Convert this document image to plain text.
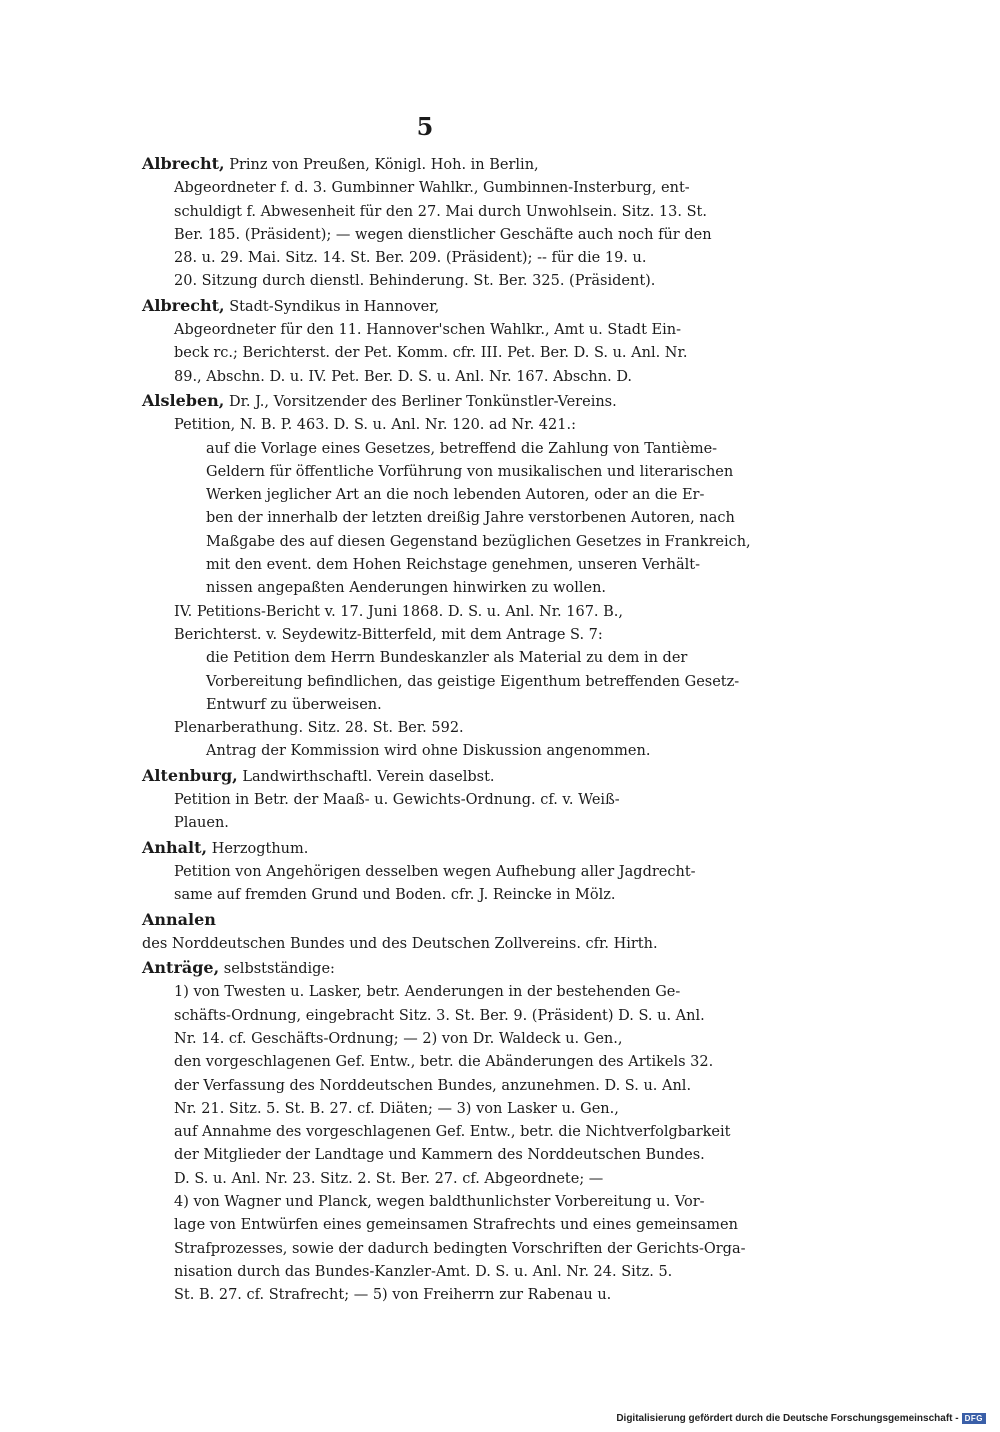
5
Albrecht, Prinz von Preußen, Königl. Hoh. in Berlin,
Abgeordneter f. d. 3. Gumbinner Wahlkr., Gumbinnen-Insterburg, ent-
schuldigt f. Abwesenheit für den 27. Mai durch Unwohlsein. Sitz. 13. St.
Ber. 185. (Präsident); — wegen dienstlicher Geschäfte auch noch für den
28. u. 29. Mai. Sitz. 14. St. Ber. 209. (Präsident); -- für die 19. u.
20. Sitzung durch dienstl. Behinderung. St. Ber. 325. (Präsident).
Albrecht, Stadt-Syndikus in Hannover,
Abgeordneter für den 11. Hannover'schen Wahlkr., Amt u. Stadt Ein-
beck rc.; Berichterst. der Pet. Komm. cfr. III. Pet. Ber. D. S. u. Anl. Nr.
89., Abschn. D. u. IV. Pet. Ber. D. S. u. Anl. Nr. 167. Abschn. D.
Alsleben, Dr. J., Vorsitzender des Berliner Tonkünstler-Vereins.
Petition, N. B. P. 463. D. S. u. Anl. Nr. 120. ad Nr. 421.:
auf die Vorlage eines Gesetzes, betreffend die Zahlung von Tantième-
Geldern für öffentliche Vorführung von musikalischen und literarischen
Werken jeglicher Art an die noch lebenden Autoren, oder an die Er-
ben der innerhalb der letzten dreißig Jahre verstorbenen Autoren, nach
Maßgabe des auf diesen Gegenstand bezüglichen Gesetzes in Frankreich,
mit den event. dem Hohen Reichstage genehmen, unseren Verhält-
nissen angepaßten Aenderungen hinwirken zu wollen.
IV. Petitions-Bericht v. 17. Juni 1868. D. S. u. Anl. Nr. 167. B.,
Berichterst. v. Seydewitz-Bitterfeld, mit dem Antrage S. 7:
die Petition dem Herrn Bundeskanzler als Material zu dem in der
Vorbereitung befindlichen, das geistige Eigenthum betreffenden Gesetz-
Entwurf zu überweisen.
Plenarberathung. Sitz. 28. St. Ber. 592.
Antrag der Kommission wird ohne Diskussion angenommen.
Altenburg, Landwirthschaftl. Verein daselbst.
Petition in Betr. der Maaß- u. Gewichts-Ordnung. cf. v. Weiß-
Plauen.
Anhalt, Herzogthum.
Petition von Angehörigen desselben wegen Aufhebung aller Jagdrecht-
same auf fremden Grund und Boden. cfr. J. Reincke in Mölz.
Annalen
des Norddeutschen Bundes und des Deutschen Zollvereins. cfr. Hirth.
Anträge, selbstständige:
1) von Twesten u. Lasker, betr. Aenderungen in der bestehenden Ge-
schäfts-Ordnung, eingebracht Sitz. 3. St. Ber. 9. (Präsident) D. S. u. Anl.
Nr. 14. cf. Geschäfts-Ordnung; — 2) von Dr. Waldeck u. Gen.,
den vorgeschlagenen Gef. Entw., betr. die Abänderungen des Artikels 32.
der Verfassung des Norddeutschen Bundes, anzunehmen. D. S. u. Anl.
Nr. 21. Sitz. 5. St. B. 27. cf. Diäten; — 3) von Lasker u. Gen.,
auf Annahme des vorgeschlagenen Gef. Entw., betr. die Nichtverfolgbarkeit
der Mitglieder der Landtage und Kammern des Norddeutschen Bundes.
D. S. u. Anl. Nr. 23. Sitz. 2. St. Ber. 27. cf. Abgeordnete; —
4) von Wagner und Planck, wegen baldthunlichster Vorbereitung u. Vor-
lage von Entwürfen eines gemeinsamen Strafrechts und eines gemeinsamen
Strafprozesses, sowie der dadurch bedingten Vorschriften der Gerichts-Orga-
nisation durch das Bundes-Kanzler-Amt. D. S. u. Anl. Nr. 24. Sitz. 5.
St. B. 27. cf. Strafrecht; — 5) von Freiherrn zur Rabenau u.
Digitalisierung gefördert durch die Deutsche Forschungsgemeinschaft - DFG
